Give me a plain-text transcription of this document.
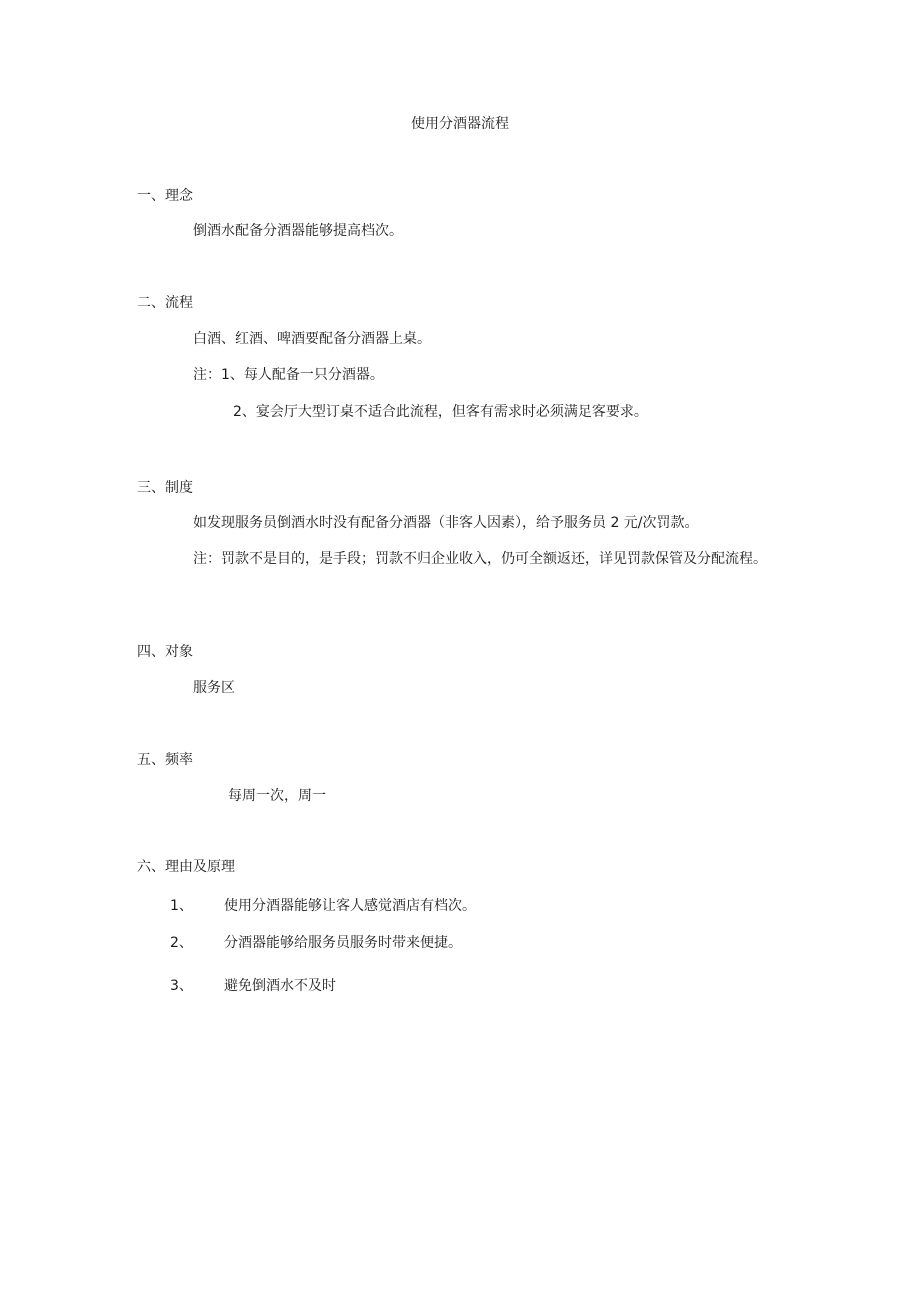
使用分酒器流程
一、理念
倒酒水配备分酒器能够提高档次。
二、流程
白酒、红酒、啤酒要配备分酒器上桌。
注：1、每人配备一只分酒器。
2、宴会厅大型订桌不适合此流程，但客有需求时必须满足客要求。
三、制度
如发现服务员倒酒水时没有配备分酒器（非客人因素），给予服务员 2 元/次罚款。
注：罚款不是目的，是手段；罚款不归企业收入，仍可全额返还，详见罚款保管及分配流程。
四、对象
服务区
五、频率
每周一次，周一
六、理由及原理
1、 使用分酒器能够让客人感觉酒店有档次。
2、 分酒器能够给服务员服务时带来便捷。
3、 避免倒酒水不及时
